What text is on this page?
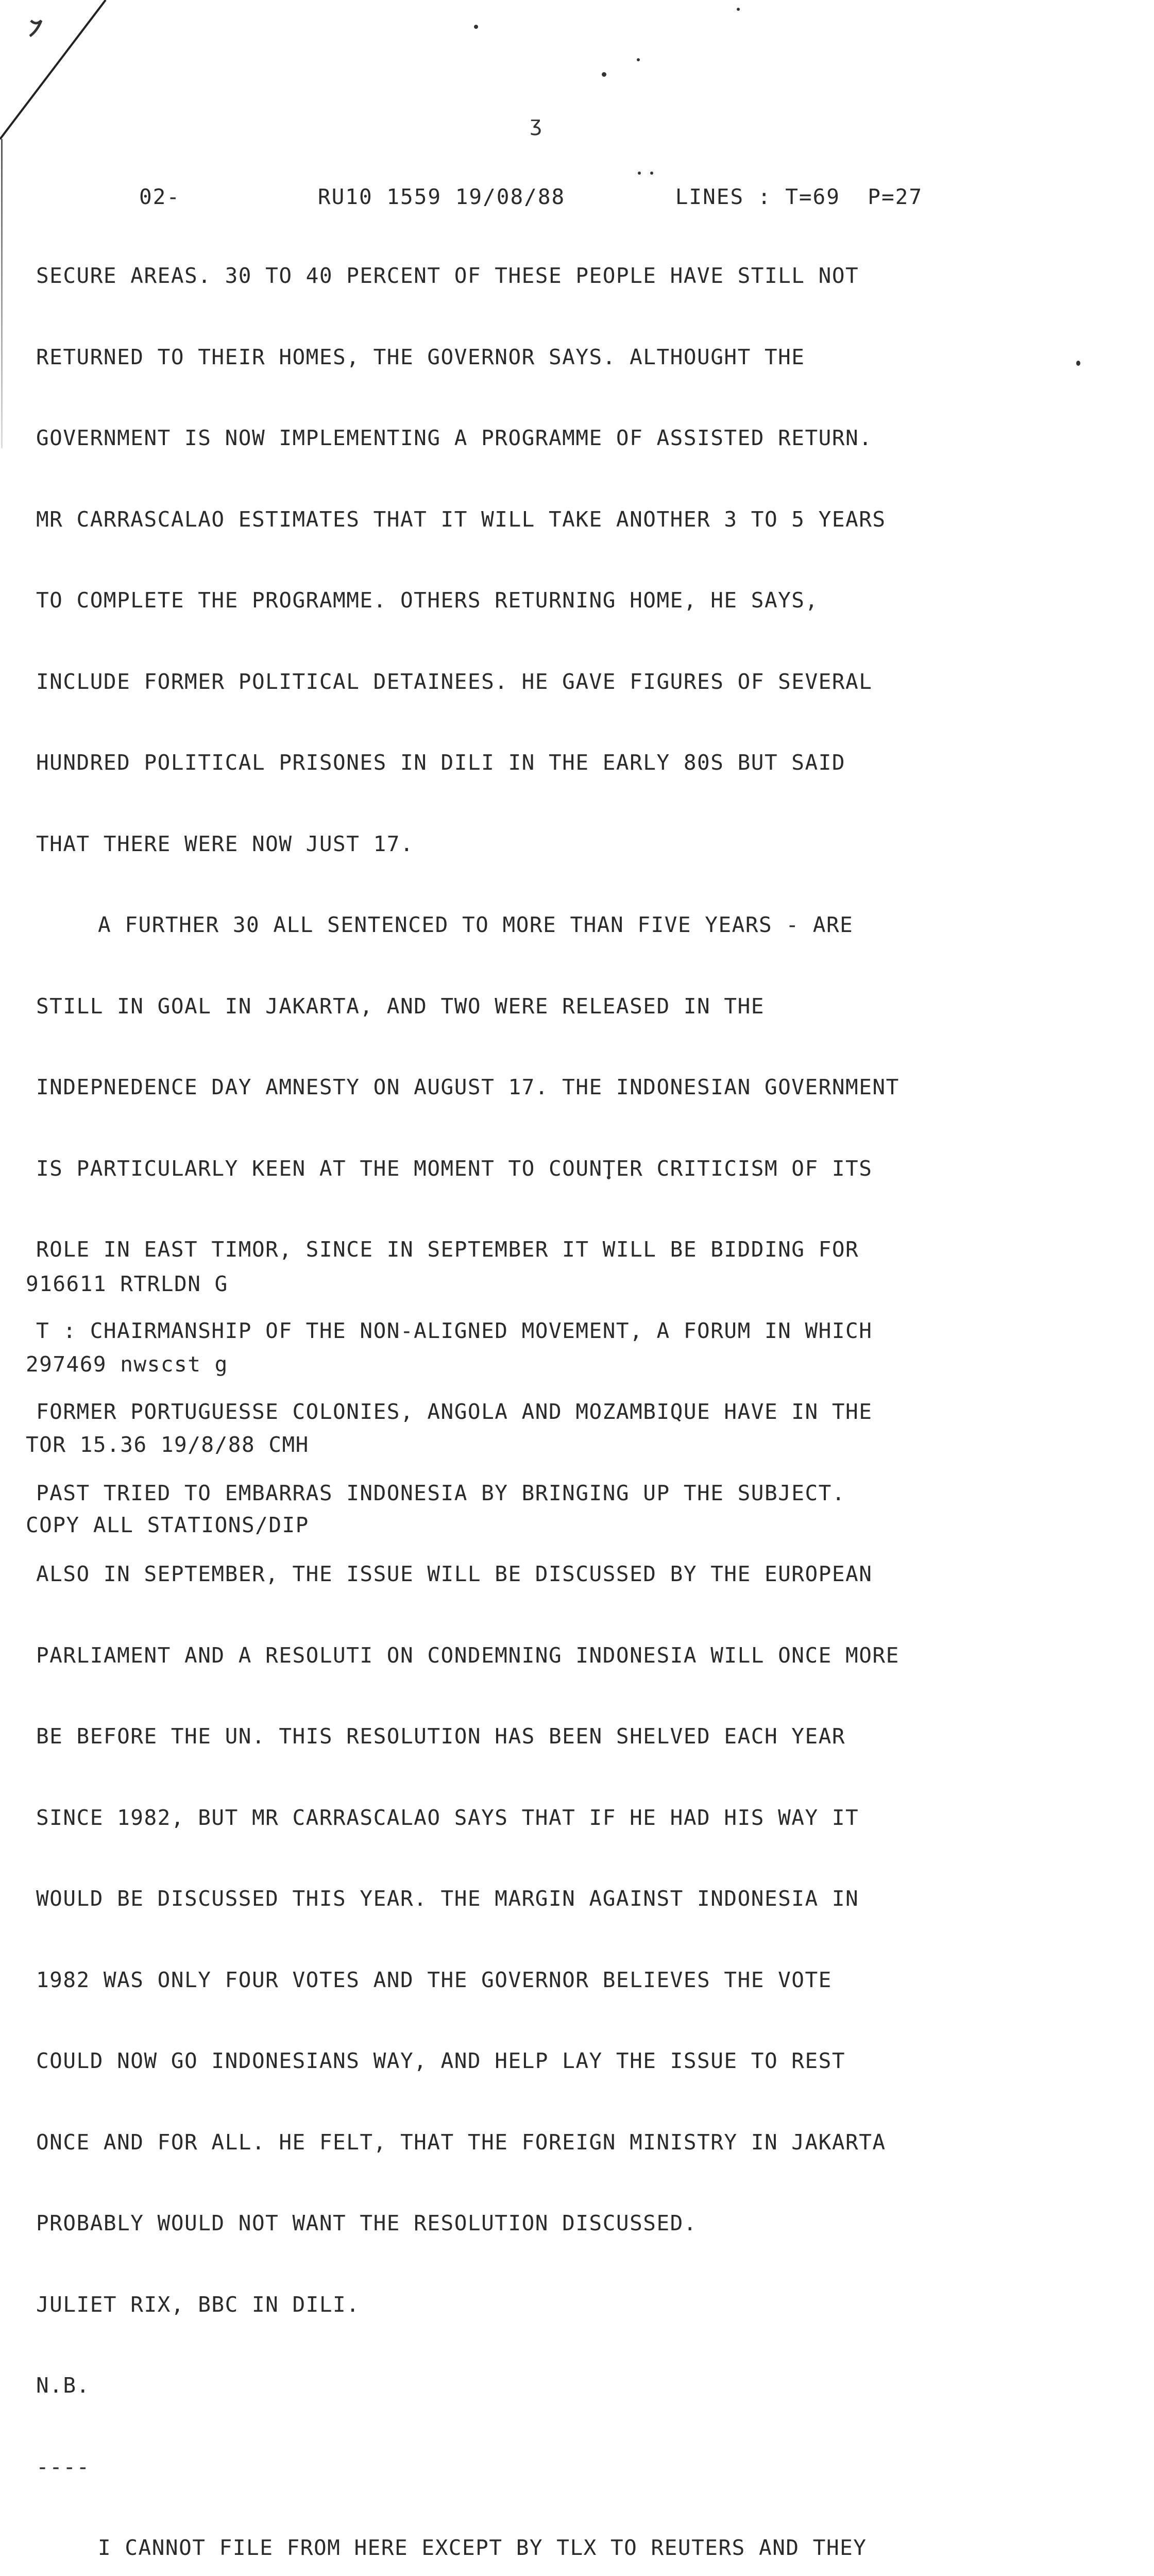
ʒ
02-	RU10 1559 19/08/88	LINES : T=69  P=27

SECURE AREAS. 30 TO 40 PERCENT OF THESE PEOPLE HAVE STILL NOT

RETURNED TO THEIR HOMES, THE GOVERNOR SAYS. ALTHOUGHT THE

GOVERNMENT IS NOW IMPLEMENTING A PROGRAMME OF ASSISTED RETURN.

MR CARRASCALAO ESTIMATES THAT IT WILL TAKE ANOTHER 3 TO 5 YEARS

TO COMPLETE THE PROGRAMME. OTHERS RETURNING HOME, HE SAYS,

INCLUDE FORMER POLITICAL DETAINEES. HE GAVE FIGURES OF SEVERAL

HUNDRED POLITICAL PRISONES IN DILI IN THE EARLY 80S BUT SAID

THAT THERE WERE NOW JUST 17.

A FURTHER 30 ALL SENTENCED TO MORE THAN FIVE YEARS - ARE

STILL IN GOAL IN JAKARTA, AND TWO WERE RELEASED IN THE

INDEPNEDENCE DAY AMNESTY ON AUGUST 17. THE INDONESIAN GOVERNMENT

IS PARTICULARLY KEEN AT THE MOMENT TO COUNTER CRITICISM OF ITS

ROLE IN EAST TIMOR, SINCE IN SEPTEMBER IT WILL BE BIDDING FOR

T : CHAIRMANSHIP OF THE NON-ALIGNED MOVEMENT, A FORUM IN WHICH

FORMER PORTUGUESSE COLONIES, ANGOLA AND MOZAMBIQUE HAVE IN THE

PAST TRIED TO EMBARRAS INDONESIA BY BRINGING UP THE SUBJECT.

ALSO IN SEPTEMBER, THE ISSUE WILL BE DISCUSSED BY THE EUROPEAN

PARLIAMENT AND A RESOLUTI ON CONDEMNING INDONESIA WILL ONCE MORE

BE BEFORE THE UN. THIS RESOLUTION HAS BEEN SHELVED EACH YEAR

SINCE 1982, BUT MR CARRASCALAO SAYS THAT IF HE HAD HIS WAY IT

WOULD BE DISCUSSED THIS YEAR. THE MARGIN AGAINST INDONESIA IN

1982 WAS ONLY FOUR VOTES AND THE GOVERNOR BELIEVES THE VOTE

COULD NOW GO INDONESIANS WAY, AND HELP LAY THE ISSUE TO REST

ONCE AND FOR ALL. HE FELT, THAT THE FOREIGN MINISTRY IN JAKARTA

PROBABLY WOULD NOT WANT THE RESOLUTION DISCUSSED.

JULIET RIX, BBC IN DILI.

N.B.

----

I CANNOT FILE FROM HERE EXCEPT BY TLX TO REUTERS AND THEY

916611 RTRLDN G

297469 nwscst g

TOR 15.36 19/8/88 CMH

COPY ALL STATIONS/DIP
